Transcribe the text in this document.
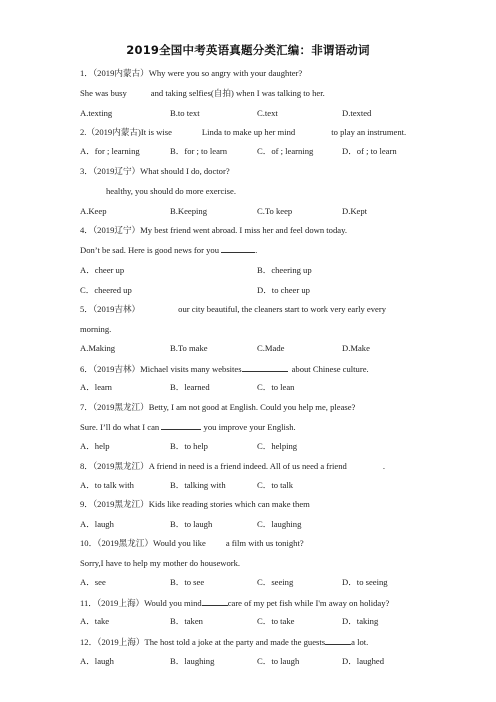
2019全国中考英语真题分类汇编：非谓语动词
1．（2019内蒙古）Why were you so angry with your daughter?
She was busy	and taking selfies(自拍) when I was talking to her.
A.texting	B.to text	C.text	D.texted
2.（2019内蒙古)It is wise	Linda to make up her mind	to play an instrument.
A．for ; learning	B．for ; to learn	C．of ; learning	D．of ; to learn
3．（2019辽宁）What should I do, doctor?
healthy, you should do more exercise.
A.Keep	B.Keeping	C.To keep	D.Kept
4．（2019辽宁）My best friend went abroad. I miss her and feel down today.
Don’t be sad. Here is good news for you	.
A．cheer up	B．cheering up
C．cheered up	D．to cheer up
5．（2019吉林）	our city beautiful, the cleaners start to work very early every
morning.
A.Making	B.To make	C.Made	D.Make
6．（2019吉林）Michael visits many websites	about Chinese culture.
A．learn	B．learned	C．to lean
7．（2019黑龙江）Betty, I am not good at English. Could you help me, please?
Sure. I’ll do what I can	you improve your English.
A．help	B．to help	C．helping
8．（2019黑龙江）A friend in need is a friend indeed. All of us need a friend	.
A．to talk with	B．talking with	C．to talk
9．（2019黑龙江）Kids like reading stories which can make them
A．laugh	B．to laugh	C．laughing
10．（2019黑龙江）Would you like a film with us tonight?
Sorry,I have to help my mother do housework.
A．see	B．to see	C．seeing	D．to seeing
11．（2019上海）Would you mind	care of my pet fish while I'm away on holiday?
A．take	B．taken	C．to take	D．taking
12．（2019上海）The host told a joke at the party and made the guests	a lot.
A．laugh	B．laughing	C．to laugh	D．laughed
